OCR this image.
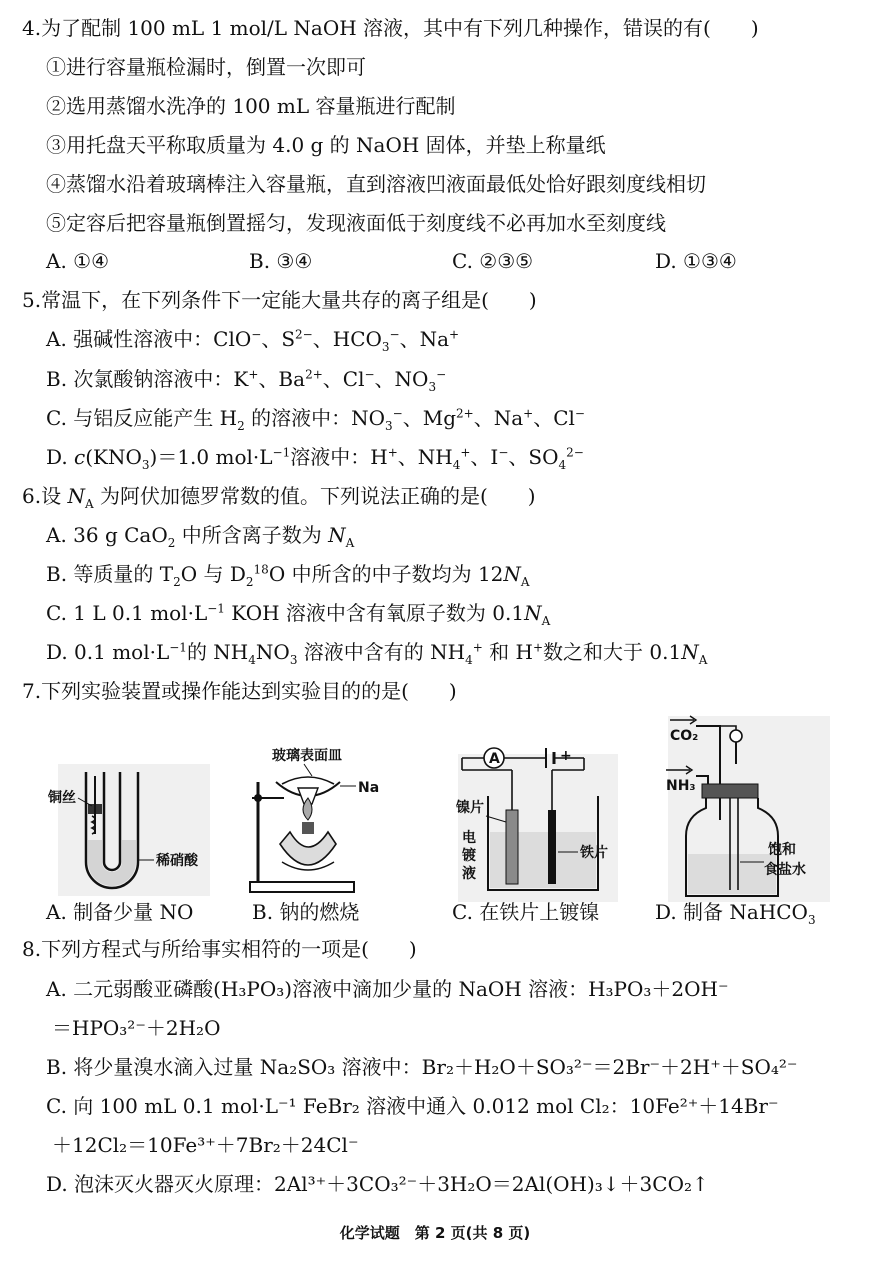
4.为了配制 100 mL 1 mol/L NaOH 溶液，其中有下列几种操作，错误的有(　　)
①进行容量瓶检漏时，倒置一次即可
②选用蒸馏水洗净的 100 mL 容量瓶进行配制
③用托盘天平称取质量为 4.0 g 的 NaOH 固体，并垫上称量纸
④蒸馏水沿着玻璃棒注入容量瓶，直到溶液凹液面最低处恰好跟刻度线相切
⑤定容后把容量瓶倒置摇匀，发现液面低于刻度线不必再加水至刻度线
A. ①④	B. ③④	C. ②③⑤	D. ①③④
5.常温下，在下列条件下一定能大量共存的离子组是(　　)
A. 强碱性溶液中：ClO−、$S^{2-}$、$HCO_3^-$、Na+
B. 次氯酸钠溶液中：K+、$Ba^{2+}$、Cl−、$NO_3^-$
C. 与铝反应能产生 $H_2$ 的溶液中：$NO_3^-$、$Mg^{2+}$、Na+、Cl−
D. $c(KNO_3)=1.0$ $mol\cdot L^{-1}$溶液中：H+、$NH_4^+$、I−、$SO_4^{2-}$
6.设 $N_A$ 为阿伏加德罗常数的值。下列说法正确的是(　　)
A. 36 g CaO$_2$ 中所含离子数为 $N_A$
B. 等质量的 $T_2O$ 与 $D_2^{18}O$ 中所含的中子数均为 $12N_A$
C. 1 L 0.1 $mol\cdot L^{-1}$ KOH 溶液中含有氧原子数为 $0.1N_A$
D. 0.1 $mol\cdot L^{-1}$的 $NH_4NO_3$ 溶液中含有的 $NH_4^+$ 和 H+数之和大于 $0.1N_A$
7.下列实验装置或操作能达到实验目的的是(　　)
铜丝
稀硝酸
玻璃表面皿
Na
A	+
镍片
电
镀
液
铁片
CO₂
NH₃
饱和
食盐水
A. 制备少量 NO	B. 钠的燃烧	C. 在铁片上镀镍	D. 制备 NaHCO$_3$
8.下列方程式与所给事实相符的一项是(　　)
A. 二元弱酸亚磷酸(H₃PO₃)溶液中滴加少量的 NaOH 溶液：H₃PO₃＋2OH⁻
＝HPO₃²⁻＋2H₂O
B. 将少量溴水滴入过量 Na₂SO₃ 溶液中：Br₂＋H₂O＋SO₃²⁻＝2Br⁻＋2H⁺＋SO₄²⁻
C. 向 100 mL 0.1 mol·L⁻¹ FeBr₂ 溶液中通入 0.012 mol Cl₂：10Fe²⁺＋14Br⁻
＋12Cl₂＝10Fe³⁺＋7Br₂＋24Cl⁻
D. 泡沫灭火器灭火原理：2Al³⁺＋3CO₃²⁻＋3H₂O＝2Al(OH)₃↓＋3CO₂↑
化学试题　第 2 页(共 8 页)
